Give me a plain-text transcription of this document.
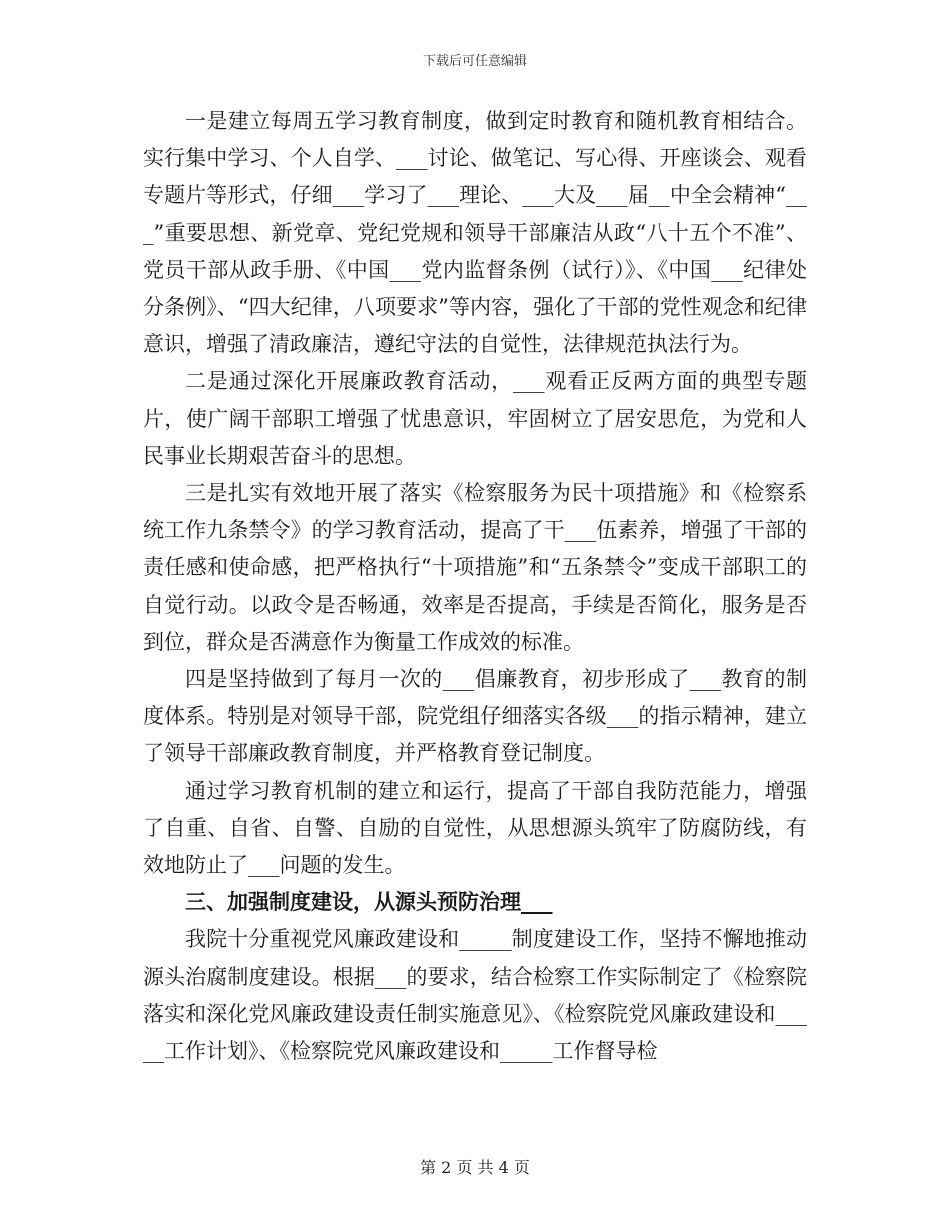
下载后可任意编辑

一是建立每周五学习教育制度，做到定时教育和随机教育相结合。实行集中学习、个人自学、___讨论、做笔记、写心得、开座谈会、观看专题片等形式，仔细___学习了___理论、___大及___届__中全会精神“___”重要思想、新党章、党纪党规和领导干部廉洁从政“八十五个不准”、党员干部从政手册、《中国___党内监督条例（试行）》、《中国___纪律处分条例》、“四大纪律，八项要求”等内容，强化了干部的党性观念和纪律意识，增强了清政廉洁，遵纪守法的自觉性，法律规范执法行为。

二是通过深化开展廉政教育活动，___观看正反两方面的典型专题片，使广阔干部职工增强了忧患意识，牢固树立了居安思危，为党和人民事业长期艰苦奋斗的思想。

三是扎实有效地开展了落实《检察服务为民十项措施》和《检察系统工作九条禁令》的学习教育活动，提高了干___伍素养，增强了干部的责任感和使命感，把严格执行“十项措施”和“五条禁令”变成干部职工的自觉行动。以政令是否畅通，效率是否提高，手续是否简化，服务是否到位，群众是否满意作为衡量工作成效的标准。

四是坚持做到了每月一次的___倡廉教育，初步形成了___教育的制度体系。特别是对领导干部，院党组仔细落实各级___的指示精神，建立了领导干部廉政教育制度，并严格教育登记制度。

通过学习教育机制的建立和运行，提高了干部自我防范能力，增强了自重、自省、自警、自励的自觉性，从思想源头筑牢了防腐防线，有效地防止了___问题的发生。

三、加强制度建设，从源头预防治理___

我院十分重视党风廉政建设和_____制度建设工作，坚持不懈地推动源头治腐制度建设。根据___的要求，结合检察工作实际制定了《检察院落实和深化党风廉政建设责任制实施意见》、《检察院党风廉政建设和_____工作计划》、《检察院党风廉政建设和_____工作督导检

第 2 页 共 4 页
